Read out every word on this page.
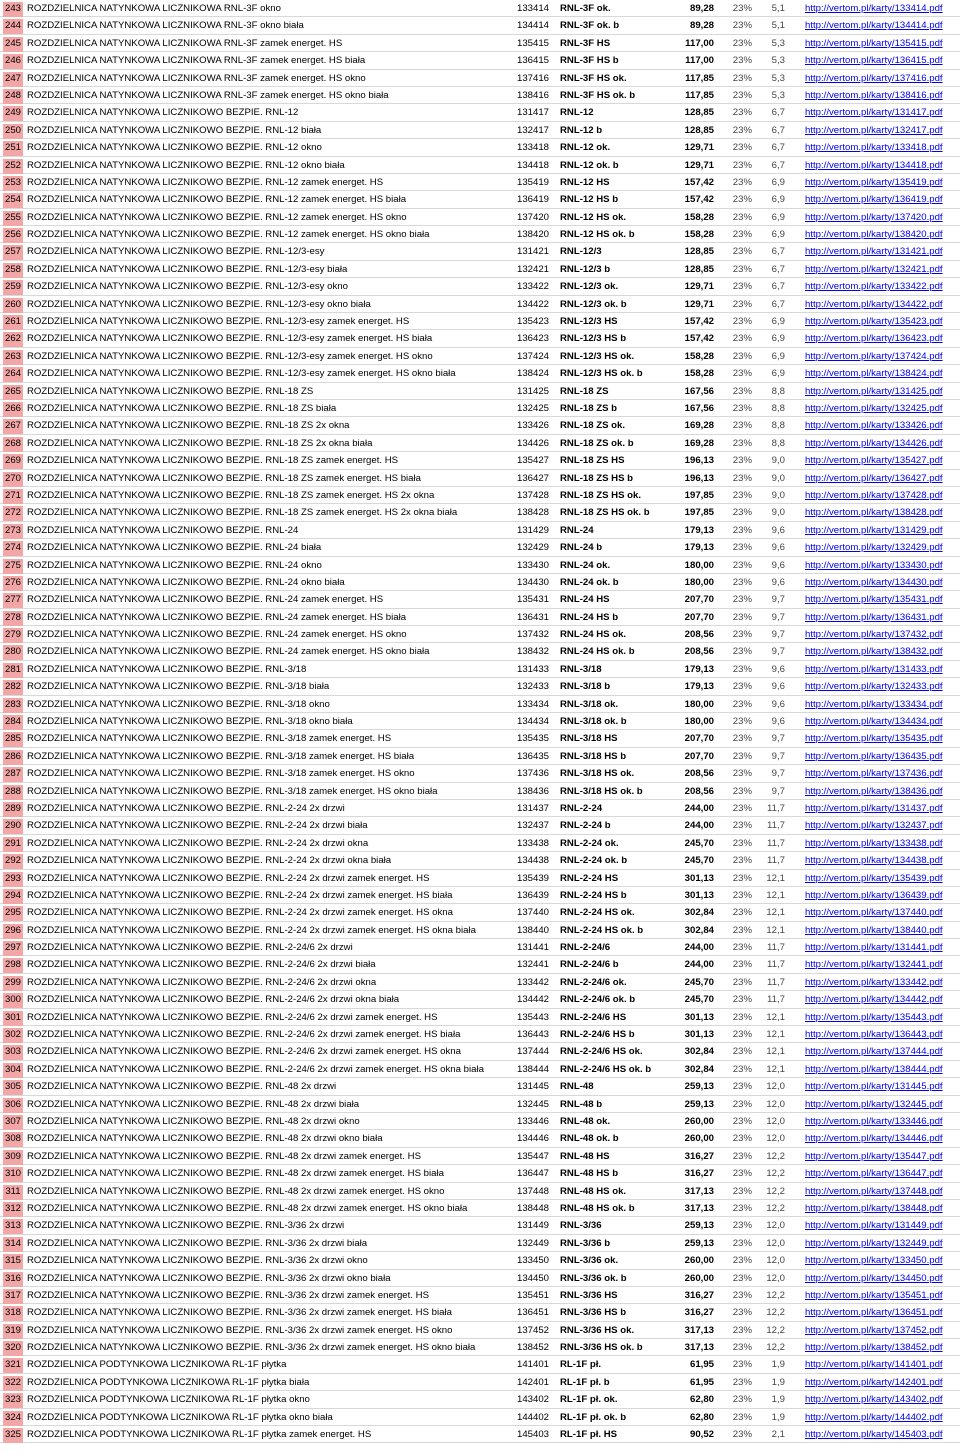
243 ROZDZIELNICA NATYNKOWA LICZNIKOWA RNL-3F okno	133414	RNL-3F ok.	89,28	23%	5,1 http://vertom.pl/karty/133414.pdf
244 ROZDZIELNICA NATYNKOWA LICZNIKOWA RNL-3F okno biała	134414	RNL-3F ok. b	89,28	23%	5,1 http://vertom.pl/karty/134414.pdf
245 ROZDZIELNICA NATYNKOWA LICZNIKOWA RNL-3F zamek energet. HS	135415	RNL-3F HS	117,00	23%	5,3 http://vertom.pl/karty/135415.pdf
246 ROZDZIELNICA NATYNKOWA LICZNIKOWA RNL-3F zamek energet. HS biała	136415	RNL-3F HS b	117,00	23%	5,3 http://vertom.pl/karty/136415.pdf
247 ROZDZIELNICA NATYNKOWA LICZNIKOWA RNL-3F zamek energet. HS okno	137416	RNL-3F HS ok.	117,85	23%	5,3 http://vertom.pl/karty/137416.pdf
248 ROZDZIELNICA NATYNKOWA LICZNIKOWA RNL-3F zamek energet. HS okno biała	138416	RNL-3F HS ok. b	117,85	23%	5,3 http://vertom.pl/karty/138416.pdf
249 ROZDZIELNICA NATYNKOWA LICZNIKOWO BEZPIE. RNL-12	131417	RNL-12	128,85	23%	6,7 http://vertom.pl/karty/131417.pdf
250 ROZDZIELNICA NATYNKOWA LICZNIKOWO BEZPIE. RNL-12 biała	132417	RNL-12 b	128,85	23%	6,7 http://vertom.pl/karty/132417.pdf
251 ROZDZIELNICA NATYNKOWA LICZNIKOWO BEZPIE. RNL-12 okno	133418	RNL-12 ok.	129,71	23%	6,7 http://vertom.pl/karty/133418.pdf
252 ROZDZIELNICA NATYNKOWA LICZNIKOWO BEZPIE. RNL-12 okno biała	134418	RNL-12 ok. b	129,71	23%	6,7 http://vertom.pl/karty/134418.pdf
253 ROZDZIELNICA NATYNKOWA LICZNIKOWO BEZPIE. RNL-12 zamek energet. HS	135419	RNL-12 HS	157,42	23%	6,9 http://vertom.pl/karty/135419.pdf
254 ROZDZIELNICA NATYNKOWA LICZNIKOWO BEZPIE. RNL-12 zamek energet. HS biała	136419	RNL-12 HS b	157,42	23%	6,9 http://vertom.pl/karty/136419.pdf
255 ROZDZIELNICA NATYNKOWA LICZNIKOWO BEZPIE. RNL-12 zamek energet. HS okno	137420	RNL-12 HS ok.	158,28	23%	6,9 http://vertom.pl/karty/137420.pdf
256 ROZDZIELNICA NATYNKOWA LICZNIKOWO BEZPIE. RNL-12 zamek energet. HS okno biała	138420	RNL-12 HS ok. b	158,28	23%	6,9 http://vertom.pl/karty/138420.pdf
257 ROZDZIELNICA NATYNKOWA LICZNIKOWO BEZPIE. RNL-12/3-esy	131421	RNL-12/3	128,85	23%	6,7 http://vertom.pl/karty/131421.pdf
258 ROZDZIELNICA NATYNKOWA LICZNIKOWO BEZPIE. RNL-12/3-esy biała	132421	RNL-12/3 b	128,85	23%	6,7 http://vertom.pl/karty/132421.pdf
259 ROZDZIELNICA NATYNKOWA LICZNIKOWO BEZPIE. RNL-12/3-esy okno	133422	RNL-12/3 ok.	129,71	23%	6,7 http://vertom.pl/karty/133422.pdf
260 ROZDZIELNICA NATYNKOWA LICZNIKOWO BEZPIE. RNL-12/3-esy okno biała	134422	RNL-12/3 ok. b	129,71	23%	6,7 http://vertom.pl/karty/134422.pdf
261 ROZDZIELNICA NATYNKOWA LICZNIKOWO BEZPIE. RNL-12/3-esy zamek energet. HS	135423	RNL-12/3 HS	157,42	23%	6,9 http://vertom.pl/karty/135423.pdf
262 ROZDZIELNICA NATYNKOWA LICZNIKOWO BEZPIE. RNL-12/3-esy zamek energet. HS biała	136423	RNL-12/3 HS b	157,42	23%	6,9 http://vertom.pl/karty/136423.pdf
263 ROZDZIELNICA NATYNKOWA LICZNIKOWO BEZPIE. RNL-12/3-esy zamek energet. HS okno	137424	RNL-12/3 HS ok.	158,28	23%	6,9 http://vertom.pl/karty/137424.pdf
264 ROZDZIELNICA NATYNKOWA LICZNIKOWO BEZPIE. RNL-12/3-esy zamek energet. HS okno biała	138424	RNL-12/3 HS ok. b	158,28	23%	6,9 http://vertom.pl/karty/138424.pdf
265 ROZDZIELNICA NATYNKOWA LICZNIKOWO BEZPIE. RNL-18 ZS	131425	RNL-18 ZS	167,56	23%	8,8 http://vertom.pl/karty/131425.pdf
266 ROZDZIELNICA NATYNKOWA LICZNIKOWO BEZPIE. RNL-18 ZS biała	132425	RNL-18 ZS b	167,56	23%	8,8 http://vertom.pl/karty/132425.pdf
267 ROZDZIELNICA NATYNKOWA LICZNIKOWO BEZPIE. RNL-18 ZS 2x okna	133426	RNL-18 ZS ok.	169,28	23%	8,8 http://vertom.pl/karty/133426.pdf
268 ROZDZIELNICA NATYNKOWA LICZNIKOWO BEZPIE. RNL-18 ZS 2x okna biała	134426	RNL-18 ZS ok. b	169,28	23%	8,8 http://vertom.pl/karty/134426.pdf
269 ROZDZIELNICA NATYNKOWA LICZNIKOWO BEZPIE. RNL-18 ZS zamek energet. HS	135427	RNL-18 ZS HS	196,13	23%	9,0 http://vertom.pl/karty/135427.pdf
270 ROZDZIELNICA NATYNKOWA LICZNIKOWO BEZPIE. RNL-18 ZS zamek energet. HS biała	136427	RNL-18 ZS HS b	196,13	23%	9,0 http://vertom.pl/karty/136427.pdf
271 ROZDZIELNICA NATYNKOWA LICZNIKOWO BEZPIE. RNL-18 ZS zamek energet. HS 2x okna	137428	RNL-18 ZS HS ok.	197,85	23%	9,0 http://vertom.pl/karty/137428.pdf
272 ROZDZIELNICA NATYNKOWA LICZNIKOWO BEZPIE. RNL-18 ZS zamek energet. HS 2x okna biała	138428	RNL-18 ZS HS ok. b	197,85	23%	9,0 http://vertom.pl/karty/138428.pdf
273 ROZDZIELNICA NATYNKOWA LICZNIKOWO BEZPIE. RNL-24	131429	RNL-24	179,13	23%	9,6 http://vertom.pl/karty/131429.pdf
274 ROZDZIELNICA NATYNKOWA LICZNIKOWO BEZPIE. RNL-24 biała	132429	RNL-24 b	179,13	23%	9,6 http://vertom.pl/karty/132429.pdf
275 ROZDZIELNICA NATYNKOWA LICZNIKOWO BEZPIE. RNL-24 okno	133430	RNL-24 ok.	180,00	23%	9,6 http://vertom.pl/karty/133430.pdf
276 ROZDZIELNICA NATYNKOWA LICZNIKOWO BEZPIE. RNL-24 okno biała	134430	RNL-24 ok. b	180,00	23%	9,6 http://vertom.pl/karty/134430.pdf
277 ROZDZIELNICA NATYNKOWA LICZNIKOWO BEZPIE. RNL-24 zamek energet. HS	135431	RNL-24 HS	207,70	23%	9,7 http://vertom.pl/karty/135431.pdf
278 ROZDZIELNICA NATYNKOWA LICZNIKOWO BEZPIE. RNL-24 zamek energet. HS biała	136431	RNL-24 HS b	207,70	23%	9,7 http://vertom.pl/karty/136431.pdf
279 ROZDZIELNICA NATYNKOWA LICZNIKOWO BEZPIE. RNL-24 zamek energet. HS okno	137432	RNL-24 HS ok.	208,56	23%	9,7 http://vertom.pl/karty/137432.pdf
280 ROZDZIELNICA NATYNKOWA LICZNIKOWO BEZPIE. RNL-24 zamek energet. HS okno biała	138432	RNL-24 HS ok. b	208,56	23%	9,7 http://vertom.pl/karty/138432.pdf
281 ROZDZIELNICA NATYNKOWA LICZNIKOWO BEZPIE. RNL-3/18	131433	RNL-3/18	179,13	23%	9,6 http://vertom.pl/karty/131433.pdf
282 ROZDZIELNICA NATYNKOWA LICZNIKOWO BEZPIE. RNL-3/18 biała	132433	RNL-3/18 b	179,13	23%	9,6 http://vertom.pl/karty/132433.pdf
283 ROZDZIELNICA NATYNKOWA LICZNIKOWO BEZPIE. RNL-3/18 okno	133434	RNL-3/18 ok.	180,00	23%	9,6 http://vertom.pl/karty/133434.pdf
284 ROZDZIELNICA NATYNKOWA LICZNIKOWO BEZPIE. RNL-3/18 okno biała	134434	RNL-3/18 ok. b	180,00	23%	9,6 http://vertom.pl/karty/134434.pdf
285 ROZDZIELNICA NATYNKOWA LICZNIKOWO BEZPIE. RNL-3/18 zamek energet. HS	135435	RNL-3/18 HS	207,70	23%	9,7 http://vertom.pl/karty/135435.pdf
286 ROZDZIELNICA NATYNKOWA LICZNIKOWO BEZPIE. RNL-3/18 zamek energet. HS biała	136435	RNL-3/18 HS b	207,70	23%	9,7 http://vertom.pl/karty/136435.pdf
287 ROZDZIELNICA NATYNKOWA LICZNIKOWO BEZPIE. RNL-3/18 zamek energet. HS okno	137436	RNL-3/18 HS ok.	208,56	23%	9,7 http://vertom.pl/karty/137436.pdf
288 ROZDZIELNICA NATYNKOWA LICZNIKOWO BEZPIE. RNL-3/18 zamek energet. HS okno biała	138436	RNL-3/18 HS ok. b	208,56	23%	9,7 http://vertom.pl/karty/138436.pdf
289 ROZDZIELNICA NATYNKOWA LICZNIKOWO BEZPIE. RNL-2-24 2x drzwi	131437	RNL-2-24	244,00	23%	11,7 http://vertom.pl/karty/131437.pdf
290 ROZDZIELNICA NATYNKOWA LICZNIKOWO BEZPIE. RNL-2-24 2x drzwi biała	132437	RNL-2-24 b	244,00	23%	11,7 http://vertom.pl/karty/132437.pdf
291 ROZDZIELNICA NATYNKOWA LICZNIKOWO BEZPIE. RNL-2-24 2x drzwi okna	133438	RNL-2-24 ok.	245,70	23%	11,7 http://vertom.pl/karty/133438.pdf
292 ROZDZIELNICA NATYNKOWA LICZNIKOWO BEZPIE. RNL-2-24 2x drzwi okna biała	134438	RNL-2-24 ok. b	245,70	23%	11,7 http://vertom.pl/karty/134438.pdf
293 ROZDZIELNICA NATYNKOWA LICZNIKOWO BEZPIE. RNL-2-24 2x drzwi zamek energet. HS	135439	RNL-2-24 HS	301,13	23%	12,1 http://vertom.pl/karty/135439.pdf
294 ROZDZIELNICA NATYNKOWA LICZNIKOWO BEZPIE. RNL-2-24 2x drzwi zamek energet. HS biała	136439	RNL-2-24 HS b	301,13	23%	12,1 http://vertom.pl/karty/136439.pdf
295 ROZDZIELNICA NATYNKOWA LICZNIKOWO BEZPIE. RNL-2-24 2x drzwi zamek energet. HS okna	137440	RNL-2-24 HS ok.	302,84	23%	12,1 http://vertom.pl/karty/137440.pdf
296 ROZDZIELNICA NATYNKOWA LICZNIKOWO BEZPIE. RNL-2-24 2x drzwi zamek energet. HS okna biała	138440	RNL-2-24 HS ok. b	302,84	23%	12,1 http://vertom.pl/karty/138440.pdf
297 ROZDZIELNICA NATYNKOWA LICZNIKOWO BEZPIE. RNL-2-24/6 2x drzwi	131441	RNL-2-24/6	244,00	23%	11,7 http://vertom.pl/karty/131441.pdf
298 ROZDZIELNICA NATYNKOWA LICZNIKOWO BEZPIE. RNL-2-24/6 2x drzwi biała	132441	RNL-2-24/6 b	244,00	23%	11,7 http://vertom.pl/karty/132441.pdf
299 ROZDZIELNICA NATYNKOWA LICZNIKOWO BEZPIE. RNL-2-24/6 2x drzwi okna	133442	RNL-2-24/6 ok.	245,70	23%	11,7 http://vertom.pl/karty/133442.pdf
300 ROZDZIELNICA NATYNKOWA LICZNIKOWO BEZPIE. RNL-2-24/6 2x drzwi okna biała	134442	RNL-2-24/6 ok. b	245,70	23%	11,7 http://vertom.pl/karty/134442.pdf
301 ROZDZIELNICA NATYNKOWA LICZNIKOWO BEZPIE. RNL-2-24/6 2x drzwi zamek energet. HS	135443	RNL-2-24/6 HS	301,13	23%	12,1 http://vertom.pl/karty/135443.pdf
302 ROZDZIELNICA NATYNKOWA LICZNIKOWO BEZPIE. RNL-2-24/6 2x drzwi zamek energet. HS biała	136443	RNL-2-24/6 HS b	301,13	23%	12,1 http://vertom.pl/karty/136443.pdf
303 ROZDZIELNICA NATYNKOWA LICZNIKOWO BEZPIE. RNL-2-24/6 2x drzwi zamek energet. HS okna	137444	RNL-2-24/6 HS ok.	302,84	23%	12,1 http://vertom.pl/karty/137444.pdf
304 ROZDZIELNICA NATYNKOWA LICZNIKOWO BEZPIE. RNL-2-24/6 2x drzwi zamek energet. HS okna biała	138444	RNL-2-24/6 HS ok. b	302,84	23%	12,1 http://vertom.pl/karty/138444.pdf
305 ROZDZIELNICA NATYNKOWA LICZNIKOWO BEZPIE. RNL-48 2x drzwi	131445	RNL-48	259,13	23%	12,0 http://vertom.pl/karty/131445.pdf
306 ROZDZIELNICA NATYNKOWA LICZNIKOWO BEZPIE. RNL-48 2x drzwi biała	132445	RNL-48 b	259,13	23%	12,0 http://vertom.pl/karty/132445.pdf
307 ROZDZIELNICA NATYNKOWA LICZNIKOWO BEZPIE. RNL-48 2x drzwi okno	133446	RNL-48 ok.	260,00	23%	12,0 http://vertom.pl/karty/133446.pdf
308 ROZDZIELNICA NATYNKOWA LICZNIKOWO BEZPIE. RNL-48 2x drzwi okno biała	134446	RNL-48 ok. b	260,00	23%	12,0 http://vertom.pl/karty/134446.pdf
309 ROZDZIELNICA NATYNKOWA LICZNIKOWO BEZPIE. RNL-48 2x drzwi zamek energet. HS	135447	RNL-48 HS	316,27	23%	12,2 http://vertom.pl/karty/135447.pdf
310 ROZDZIELNICA NATYNKOWA LICZNIKOWO BEZPIE. RNL-48 2x drzwi zamek energet. HS biała	136447	RNL-48 HS b	316,27	23%	12,2 http://vertom.pl/karty/136447.pdf
311 ROZDZIELNICA NATYNKOWA LICZNIKOWO BEZPIE. RNL-48 2x drzwi zamek energet. HS okno	137448	RNL-48 HS ok.	317,13	23%	12,2 http://vertom.pl/karty/137448.pdf
312 ROZDZIELNICA NATYNKOWA LICZNIKOWO BEZPIE. RNL-48 2x drzwi zamek energet. HS okno biała	138448	RNL-48 HS ok. b	317,13	23%	12,2 http://vertom.pl/karty/138448.pdf
313 ROZDZIELNICA NATYNKOWA LICZNIKOWO BEZPIE. RNL-3/36 2x drzwi	131449	RNL-3/36	259,13	23%	12,0 http://vertom.pl/karty/131449.pdf
314 ROZDZIELNICA NATYNKOWA LICZNIKOWO BEZPIE. RNL-3/36 2x drzwi biała	132449	RNL-3/36 b	259,13	23%	12,0 http://vertom.pl/karty/132449.pdf
315 ROZDZIELNICA NATYNKOWA LICZNIKOWO BEZPIE. RNL-3/36 2x drzwi okno	133450	RNL-3/36 ok.	260,00	23%	12,0 http://vertom.pl/karty/133450.pdf
316 ROZDZIELNICA NATYNKOWA LICZNIKOWO BEZPIE. RNL-3/36 2x drzwi okno biała	134450	RNL-3/36 ok. b	260,00	23%	12,0 http://vertom.pl/karty/134450.pdf
317 ROZDZIELNICA NATYNKOWA LICZNIKOWO BEZPIE. RNL-3/36 2x drzwi zamek energet. HS	135451	RNL-3/36 HS	316,27	23%	12,2 http://vertom.pl/karty/135451.pdf
318 ROZDZIELNICA NATYNKOWA LICZNIKOWO BEZPIE. RNL-3/36 2x drzwi zamek energet. HS biała	136451	RNL-3/36 HS b	316,27	23%	12,2 http://vertom.pl/karty/136451.pdf
319 ROZDZIELNICA NATYNKOWA LICZNIKOWO BEZPIE. RNL-3/36 2x drzwi zamek energet. HS okno	137452	RNL-3/36 HS ok.	317,13	23%	12,2 http://vertom.pl/karty/137452.pdf
320 ROZDZIELNICA NATYNKOWA LICZNIKOWO BEZPIE. RNL-3/36 2x drzwi zamek energet. HS okno biała	138452	RNL-3/36 HS ok. b	317,13	23%	12,2 http://vertom.pl/karty/138452.pdf
321 ROZDZIELNICA PODTYNKOWA LICZNIKOWA RL-1F płytka	141401	RL-1F pł.	61,95	23%	1,9 http://vertom.pl/karty/141401.pdf
322 ROZDZIELNICA PODTYNKOWA LICZNIKOWA RL-1F płytka biała	142401	RL-1F pł. b	61,95	23%	1,9 http://vertom.pl/karty/142401.pdf
323 ROZDZIELNICA PODTYNKOWA LICZNIKOWA RL-1F płytka okno	143402	RL-1F pł. ok.	62,80	23%	1,9 http://vertom.pl/karty/143402.pdf
324 ROZDZIELNICA PODTYNKOWA LICZNIKOWA RL-1F płytka okno biała	144402	RL-1F pł. ok. b	62,80	23%	1,9 http://vertom.pl/karty/144402.pdf
325 ROZDZIELNICA PODTYNKOWA LICZNIKOWA RL-1F płytka zamek energet. HS	145403	RL-1F pł. HS	90,52	23%	2,1 http://vertom.pl/karty/145403.pdf
